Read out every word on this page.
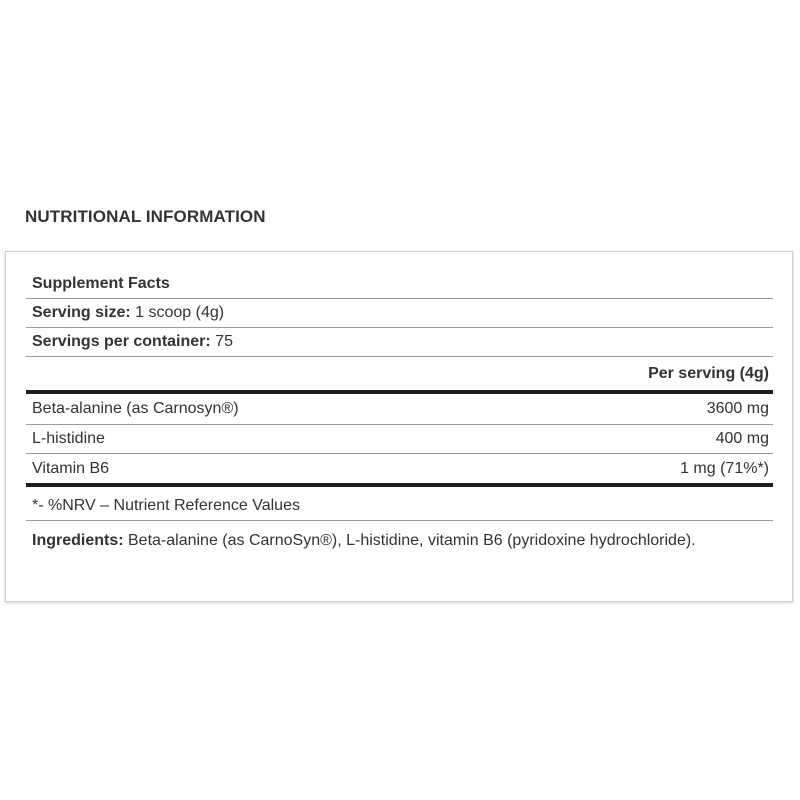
NUTRITIONAL INFORMATION
Supplement Facts
Serving size: 1 scoop (4g)
Servings per container: 75
Per serving (4g)
Beta-alanine (as Carnosyn®)	3600 mg
L-histidine	400 mg
Vitamin B6	1 mg (71%*)
*- %NRV – Nutrient Reference Values
Ingredients: Beta-alanine (as CarnoSyn®), L-histidine, vitamin B6 (pyridoxine hydrochloride).
